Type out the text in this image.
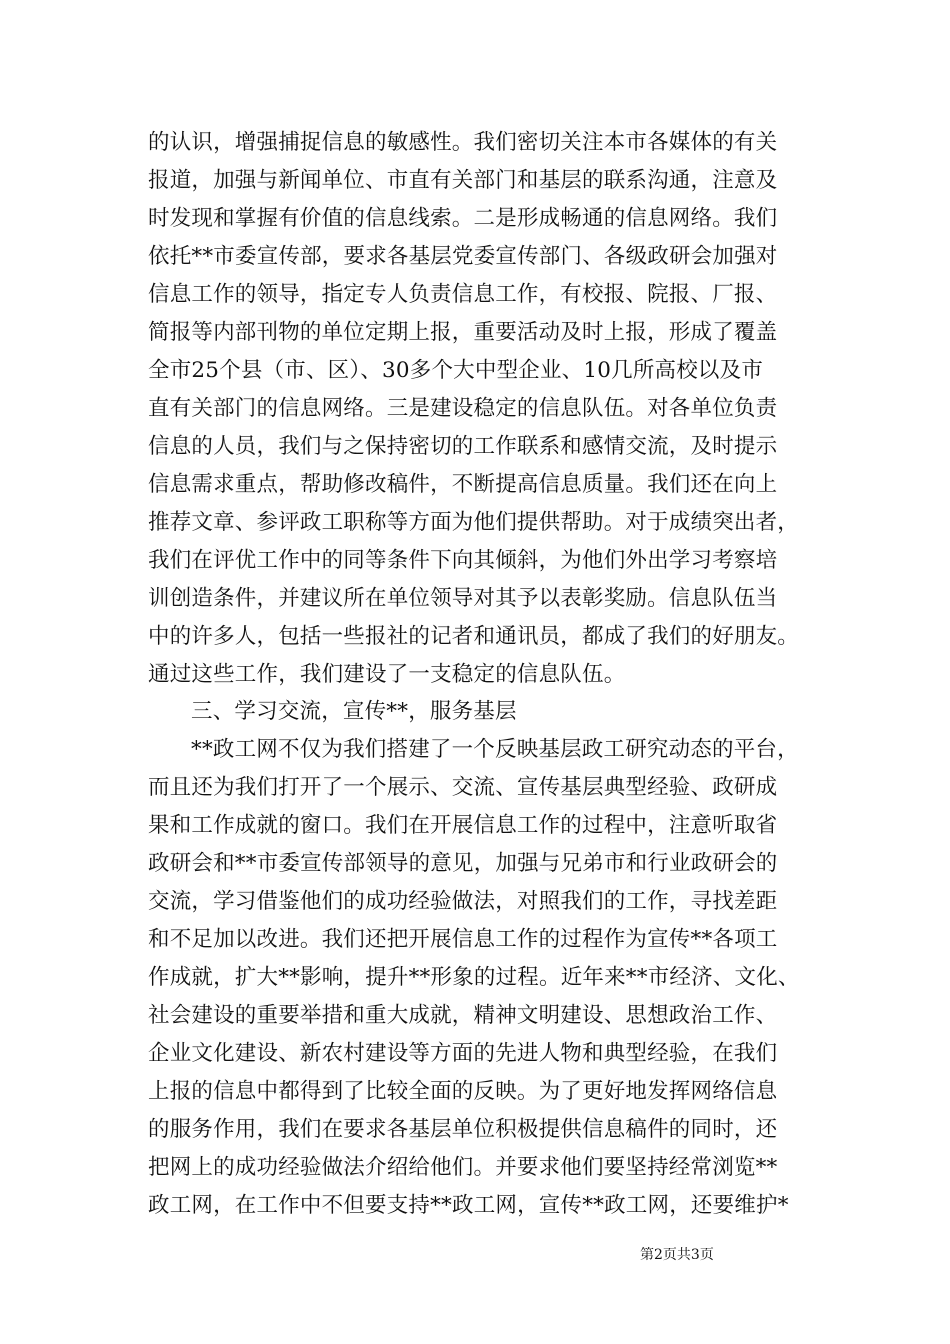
的认识，增强捕捉信息的敏感性。我们密切关注本市各媒体的有关
报道，加强与新闻单位、市直有关部门和基层的联系沟通，注意及
时发现和掌握有价值的信息线索。二是形成畅通的信息网络。我们
依托**市委宣传部，要求各基层党委宣传部门、各级政研会加强对
信息工作的领导，指定专人负责信息工作，有校报、院报、厂报、
简报等内部刊物的单位定期上报，重要活动及时上报，形成了覆盖
全市25个县（市、区）、30多个大中型企业、10几所高校以及市
直有关部门的信息网络。三是建设稳定的信息队伍。对各单位负责
信息的人员，我们与之保持密切的工作联系和感情交流，及时提示
信息需求重点，帮助修改稿件，不断提高信息质量。我们还在向上
推荐文章、参评政工职称等方面为他们提供帮助。对于成绩突出者，
我们在评优工作中的同等条件下向其倾斜，为他们外出学习考察培
训创造条件，并建议所在单位领导对其予以表彰奖励。信息队伍当
中的许多人，包括一些报社的记者和通讯员，都成了我们的好朋友。
通过这些工作，我们建设了一支稳定的信息队伍。
三、学习交流，宣传**，服务基层
**政工网不仅为我们搭建了一个反映基层政工研究动态的平台，
而且还为我们打开了一个展示、交流、宣传基层典型经验、政研成
果和工作成就的窗口。我们在开展信息工作的过程中，注意听取省
政研会和**市委宣传部领导的意见，加强与兄弟市和行业政研会的
交流，学习借鉴他们的成功经验做法，对照我们的工作，寻找差距
和不足加以改进。我们还把开展信息工作的过程作为宣传**各项工
作成就，扩大**影响，提升**形象的过程。近年来**市经济、文化、
社会建设的重要举措和重大成就，精神文明建设、思想政治工作、
企业文化建设、新农村建设等方面的先进人物和典型经验，在我们
上报的信息中都得到了比较全面的反映。为了更好地发挥网络信息
的服务作用，我们在要求各基层单位积极提供信息稿件的同时，还
把网上的成功经验做法介绍给他们。并要求他们要坚持经常浏览**
政工网，在工作中不但要支持**政工网，宣传**政工网，还要维护*
第2页共3页
